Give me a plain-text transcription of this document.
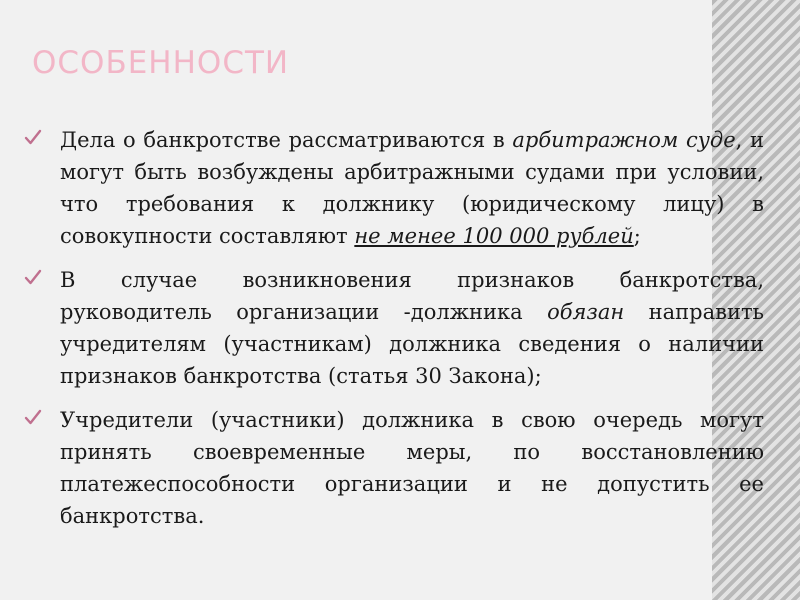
ОСОБЕННОСТИ
Дела о банкротстве рассматриваются в арбитражном суде, и могут быть возбуждены арбитражными судами при условии, что требования к должнику (юридическому лицу) в совокупности составляют не менее 100 000 рублей;
В случае возникновения признаков банкротства, руководитель организации -должника обязан направить учредителям (участникам) должника сведения о наличии признаков банкротства (статья 30 Закона);
Учредители (участники) должника в свою очередь могут принять своевременные меры, по восстановлению платежеспособности организации и не допустить ее банкротства.
